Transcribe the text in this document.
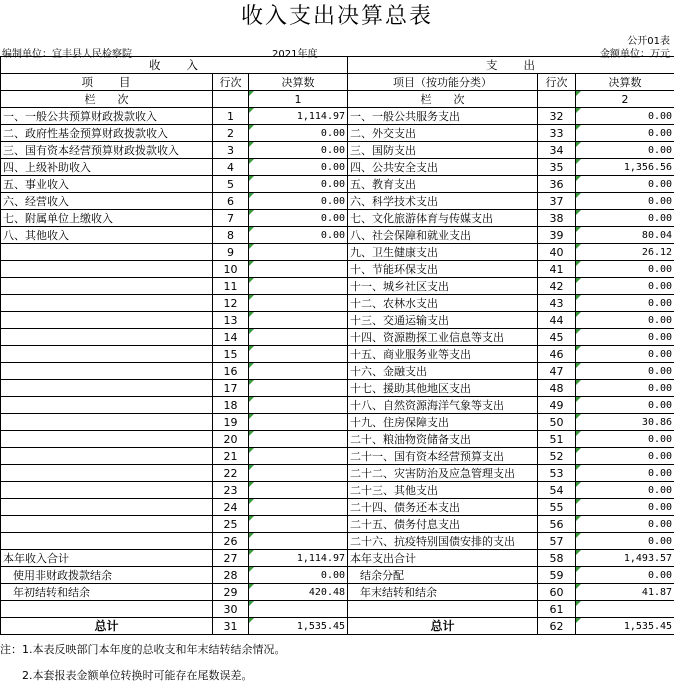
收入支出决算总表
公开01表
编制单位：宜丰县人民检察院	2021年度	金额单位：万元
收　　入			支　　出		
项　　目	行次	决算数	项目（按功能分类）	行次	决算数
栏　　次		1	栏　　次		2
一、一般公共预算财政拨款收入	1	1,114.97	一、一般公共服务支出	32	0.00
二、政府性基金预算财政拨款收入	2	0.00	二、外交支出	33	0.00
三、国有资本经营预算财政拨款收入	3	0.00	三、国防支出	34	0.00
四、上级补助收入	4	0.00	四、公共安全支出	35	1,356.56
五、事业收入	5	0.00	五、教育支出	36	0.00
六、经营收入	6	0.00	六、科学技术支出	37	0.00
七、附属单位上缴收入	7	0.00	七、文化旅游体育与传媒支出	38	0.00
八、其他收入	8	0.00	八、社会保障和就业支出	39	80.04
	9		九、卫生健康支出	40	26.12
	10		十、节能环保支出	41	0.00
	11		十一、城乡社区支出	42	0.00
	12		十二、农林水支出	43	0.00
	13		十三、交通运输支出	44	0.00
	14		十四、资源勘探工业信息等支出	45	0.00
	15		十五、商业服务业等支出	46	0.00
	16		十六、金融支出	47	0.00
	17		十七、援助其他地区支出	48	0.00
	18		十八、自然资源海洋气象等支出	49	0.00
	19		十九、住房保障支出	50	30.86
	20		二十、粮油物资储备支出	51	0.00
	21		二十一、国有资本经营预算支出	52	0.00
	22		二十二、灾害防治及应急管理支出	53	0.00
	23		二十三、其他支出	54	0.00
	24		二十四、债务还本支出	55	0.00
	25		二十五、债务付息支出	56	0.00
	26		二十六、抗疫特别国债安排的支出	57	0.00
本年收入合计	27	1,114.97	本年支出合计	58	1,493.57
使用非财政拨款结余	28	0.00	结余分配	59	0.00
年初结转和结余	29	420.48	年末结转和结余	60	41.87
	30			61	
总计	31	1,535.45	总计	62	1,535.45
注：1.本表反映部门本年度的总收支和年末结转结余情况。
2.本套报表金额单位转换时可能存在尾数误差。
